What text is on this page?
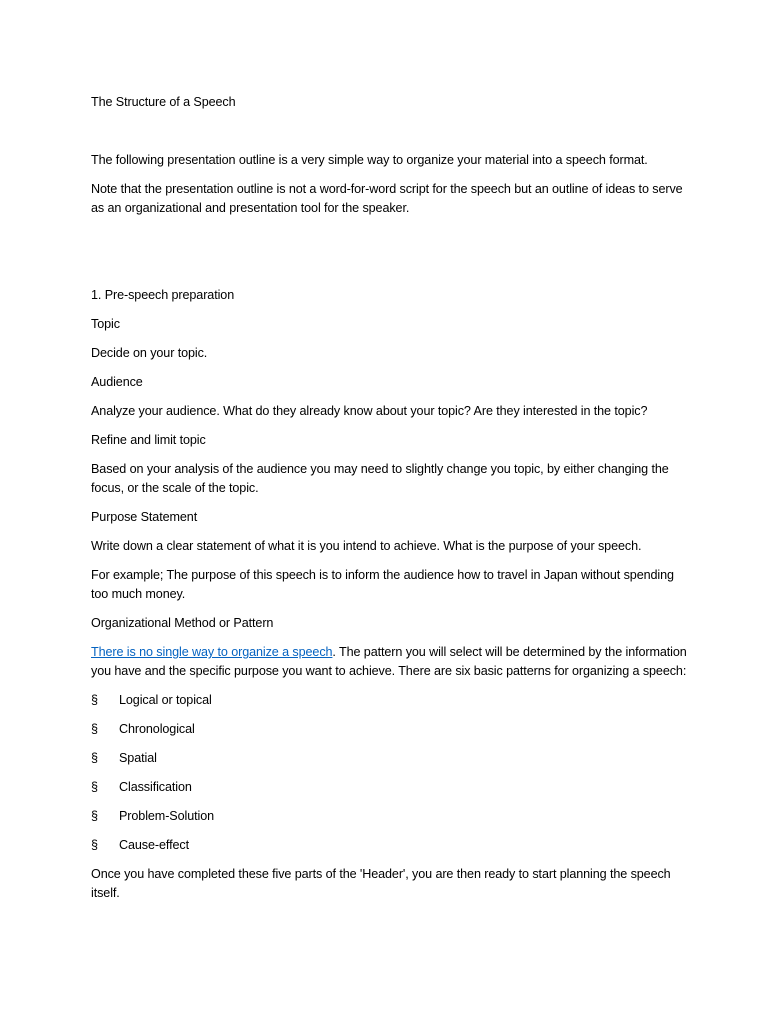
The Structure of a Speech

The following presentation outline is a very simple way to organize your material into a speech format.

Note that the presentation outline is not a word-for-word script for the speech but an outline of ideas to serve as an organizational and presentation tool for the speaker.

1. Pre-speech preparation

Topic

Decide on your topic.

Audience

Analyze your audience. What do they already know about your topic? Are they interested in the topic?

Refine and limit topic

Based on your analysis of the audience you may need to slightly change you topic, by either changing the focus, or the scale of the topic.

Purpose Statement

Write down a clear statement of what it is you intend to achieve. What is the purpose of your speech.

For example; The purpose of this speech is to inform the audience how to travel in Japan without spending too much money.

Organizational Method or Pattern

There is no single way to organize a speech. The pattern you will select will be determined by the information you have and the specific purpose you want to achieve. There are six basic patterns for organizing a speech:

§	Logical or topical
§	Chronological
§	Spatial
§	Classification
§	Problem-Solution
§	Cause-effect

Once you have completed these five parts of the 'Header', you are then ready to start planning the speech itself.
